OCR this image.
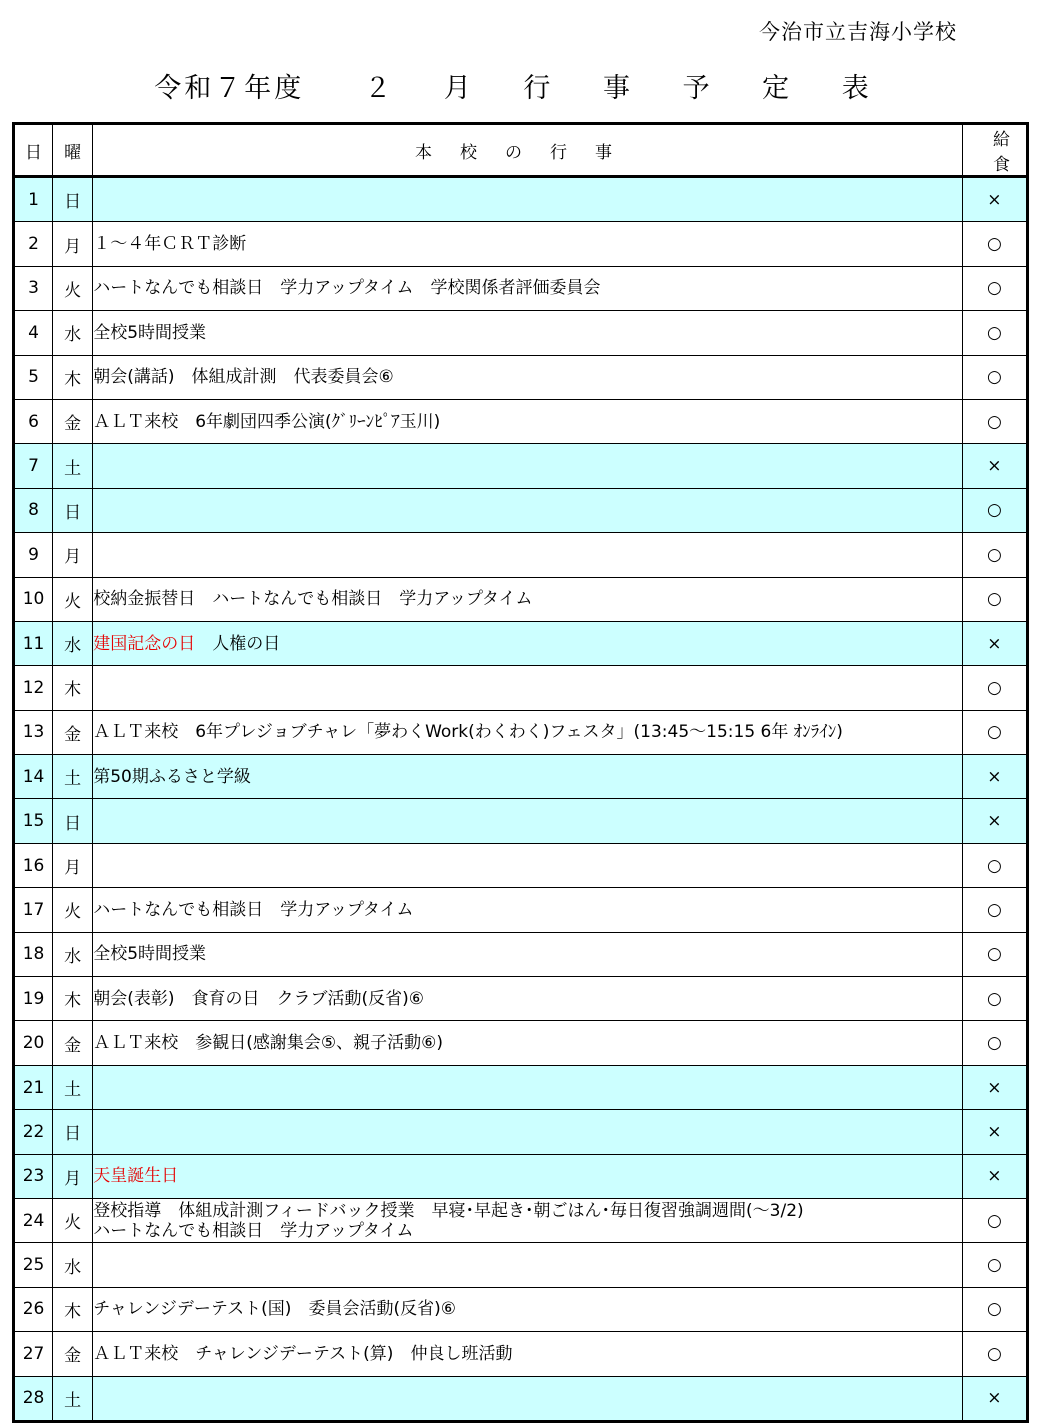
今治市立吉海小学校
令和７年度 ２ 月 行 事 予 定 表
日	曜	本校の行事	給食
1	日		×
2	月	１～４年ＣＲＴ診断	○
3	火	ハートなんでも相談日　学力アップタイム　学校関係者評価委員会	○
4	水	全校5時間授業	○
5	木	朝会(講話)　体組成計測　代表委員会⑥	○
6	金	ＡＬＴ来校　6年劇団四季公演(ｸﾞﾘｰﾝﾋﾟｱ玉川)	○
7	土		×
8	日		○
9	月		○
10	火	校納金振替日　ハートなんでも相談日　学力アップタイム	○
11	水	建国記念の日　人権の日	×
12	木		○
13	金	ＡＬＴ来校　6年プレジョブチャレ「夢わくWork(わくわく)フェスタ」(13:45～15:15 6年 ｵﾝﾗｲﾝ)	○
14	土	第50期ふるさと学級	×
15	日		×
16	月		○
17	火	ハートなんでも相談日　学力アップタイム	○
18	水	全校5時間授業	○
19	木	朝会(表彰)　食育の日　クラブ活動(反省)⑥	○
20	金	ＡＬＴ来校　参観日(感謝集会⑤、親子活動⑥)	○
21	土		×
22	日		×
23	月	天皇誕生日	×
24	火	登校指導　体組成計測フィードバック授業　早寝･早起き･朝ごはん･毎日復習強調週間(～3/2)
ハートなんでも相談日　学力アップタイム	○
25	水		○
26	木	チャレンジデーテスト(国)　委員会活動(反省)⑥	○
27	金	ＡＬＴ来校　チャレンジデーテスト(算)　仲良し班活動	○
28	土		×
